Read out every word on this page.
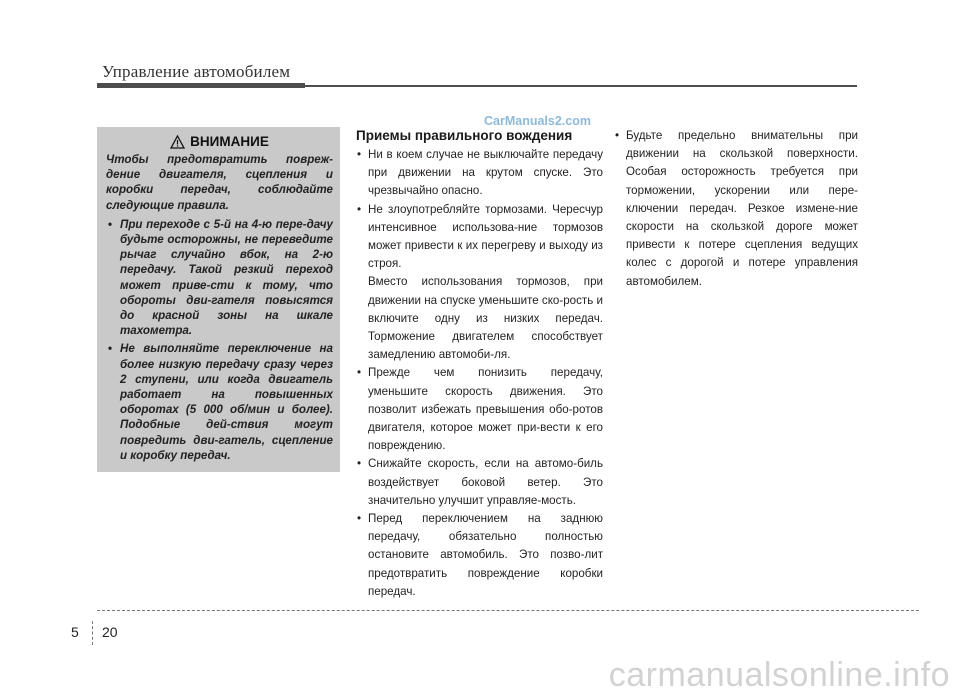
Управление автомобилем
ВНИМАНИЕ

Чтобы предотвратить повреж-дение двигателя, сцепления и коробки передач, соблюдайте следующие правила.

• При переходе с 5-й на 4-ю пере-дачу будьте осторожны, не переведите рычаг случайно вбок, на 2-ю передачу. Такой резкий переход может приве-сти к тому, что обороты дви-гателя повысятся до красной зоны на шкале тахометра.
• Не выполняйте переключение на более низкую передачу сразу через 2 ступени, или когда двигатель работает на повышенных оборотах (5 000 об/мин и более). Подобные дей-ствия могут повредить дви-гатель, сцепление и коробку передач.
Приемы правильного вождения
CarManuals2.com

• Ни в коем случае не выключайте передачу при движении на крутом спуске. Это чрезвычайно опасно.

• Не злоупотребляйте тормозами. Чересчур интенсивное использова-ние тормозов может привести к их перегреву и выходу из строя.

Вместо использования тормозов, при движении на спуске уменьшите ско-рость и включите одну из низких передач. Торможение двигателем способствует замедлению автомоби-ля.

• Прежде чем понизить передачу, уменьшите скорость движения. Это позволит избежать превышения обо-ротов двигателя, которое может при-вести к его повреждению.

• Снижайте скорость, если на автомо-биль воздействует боковой ветер. Это значительно улучшит управляе-мость.

• Перед переключением на заднюю передачу, обязательно полностью остановите автомобиль. Это позво-лит предотвратить повреждение коробки передач.

• Будьте предельно внимательны при движении на скользкой поверхности. Особая осторожность требуется при торможении, ускорении или пере-ключении передач. Резкое измене-ние скорости на скользкой дороге может привести к потере сцепления ведущих колес с дорогой и потере управления автомобилем.

5 20
carmanualsonline.info
